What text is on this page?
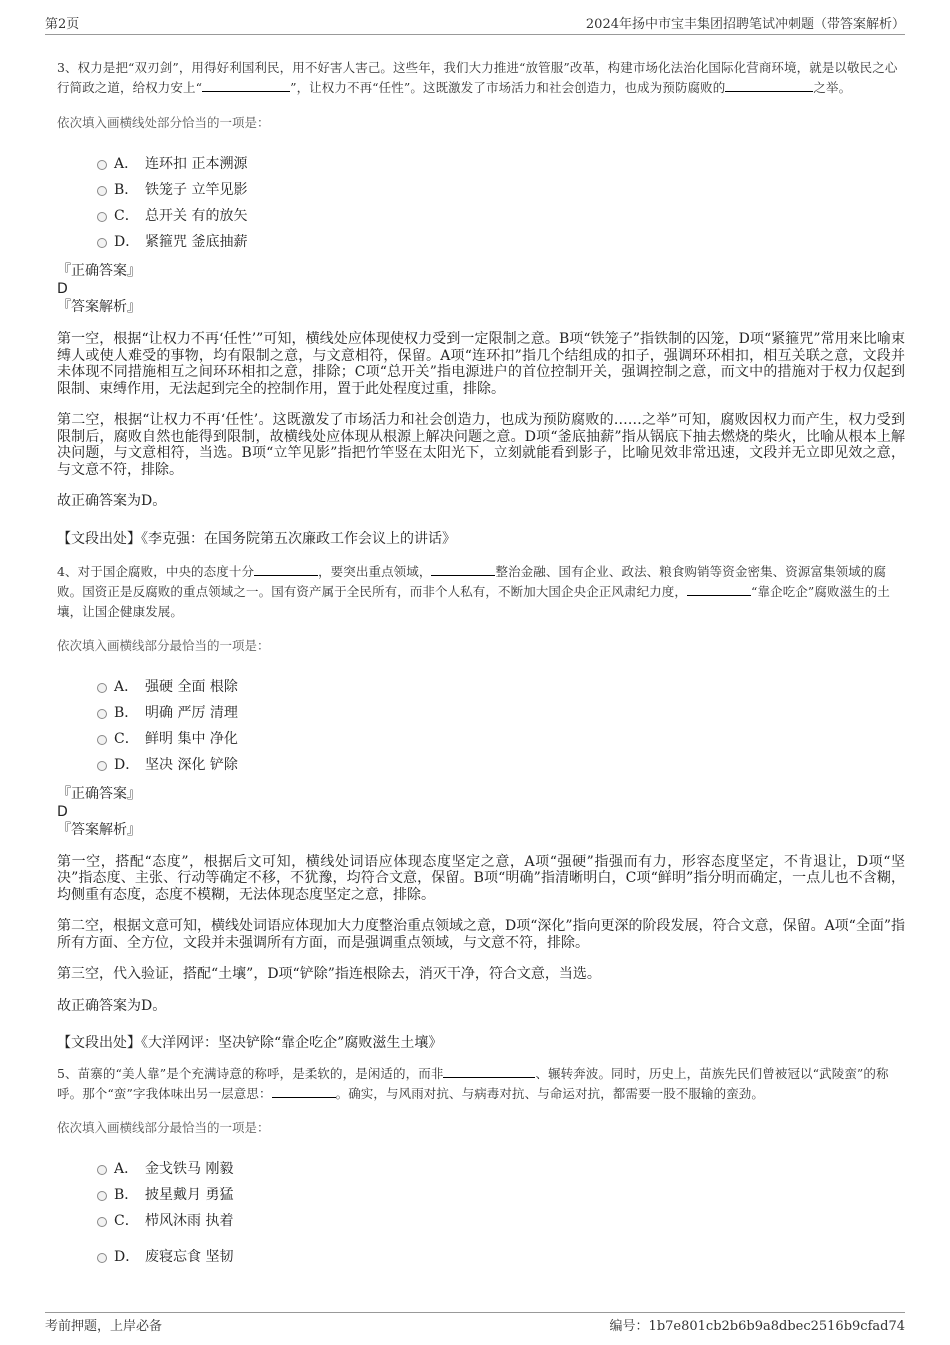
第2页	2024年扬中市宝丰集团招聘笔试冲刺题（带答案解析）

3、权力是把“双刃剑”，用得好利国利民，用不好害人害己。这些年，我们大力推进“放管服”改革，构建市场化法治化国际化营商环境，就是以敬民之心行简政之道，给权力安上“	”，让权力不再“任性”。这既激发了市场活力和社会创造力，也成为预防腐败的	之举。

依次填入画横线处部分恰当的一项是：

A． 连环扣 正本溯源
B． 铁笼子 立竿见影
C． 总开关 有的放矢
D． 紧箍咒 釜底抽薪

『正确答案』

D

『答案解析』

第一空，根据“让权力不再‘任性’”可知，横线处应体现使权力受到一定限制之意。B项“铁笼子”指铁制的囚笼，D项“紧箍咒”常用来比喻束缚人或使人难受的事物，均有限制之意，与文意相符，保留。A项“连环扣”指几个结组成的扣子，强调环环相扣，相互关联之意，文段并未体现不同措施相互之间环环相扣之意，排除；C项“总开关”指电源进户的首位控制开关，强调控制之意，而文中的措施对于权力仅起到限制、束缚作用，无法起到完全的控制作用，置于此处程度过重，排除。

第二空，根据“让权力不再‘任性’。这既激发了市场活力和社会创造力，也成为预防腐败的……之举”可知，腐败因权力而产生，权力受到限制后，腐败自然也能得到限制，故横线处应体现从根源上解决问题之意。D项“釜底抽薪”指从锅底下抽去燃烧的柴火，比喻从根本上解决问题，与文意相符，当选。B项“立竿见影”指把竹竿竖在太阳光下，立刻就能看到影子，比喻见效非常迅速，文段并无立即见效之意，与文意不符，排除。

故正确答案为D。

【文段出处】《李克强：在国务院第五次廉政工作会议上的讲话》

4、对于国企腐败，中央的态度十分	，要突出重点领域，	整治金融、国有企业、政法、粮食购销等资金密集、资源富集领域的腐败。国资正是反腐败的重点领域之一。国有资产属于全民所有，而非个人私有，不断加大国企央企正风肃纪力度，	“靠企吃企”腐败滋生的土壤，让国企健康发展。

依次填入画横线部分最恰当的一项是：

A． 强硬 全面 根除
B． 明确 严厉 清理
C． 鲜明 集中 净化
D． 坚决 深化 铲除

『正确答案』

D

『答案解析』

第一空，搭配“态度”，根据后文可知，横线处词语应体现态度坚定之意，A项“强硬”指强而有力，形容态度坚定，不肯退让，D项“坚决”指态度、主张、行动等确定不移，不犹豫，均符合文意，保留。B项“明确”指清晰明白，C项“鲜明”指分明而确定，一点儿也不含糊，均侧重有态度，态度不模糊，无法体现态度坚定之意，排除。

第二空，根据文意可知，横线处词语应体现加大力度整治重点领域之意，D项“深化”指向更深的阶段发展，符合文意，保留。A项“全面”指所有方面、全方位，文段并未强调所有方面，而是强调重点领域，与文意不符，排除。

第三空，代入验证，搭配“土壤”，D项“铲除”指连根除去，消灭干净，符合文意，当选。

故正确答案为D。

【文段出处】《大洋网评：坚决铲除“靠企吃企”腐败滋生土壤》

5、苗寨的“美人靠”是个充满诗意的称呼，是柔软的，是闲适的，而非	、辗转奔波。同时，历史上，苗族先民们曾被冠以“武陵蛮”的称呼。那个“蛮”字我体味出另一层意思：	。确实，与风雨对抗、与病毒对抗、与命运对抗，都需要一股不服输的蛮劲。

依次填入画横线部分最恰当的一项是：

A． 金戈铁马 刚毅
B． 披星戴月 勇猛
C． 栉风沐雨 执着
D． 废寝忘食 坚韧
考前押题，上岸必备	编号：1b7e801cb2b6b9a8dbec2516b9cfad74
